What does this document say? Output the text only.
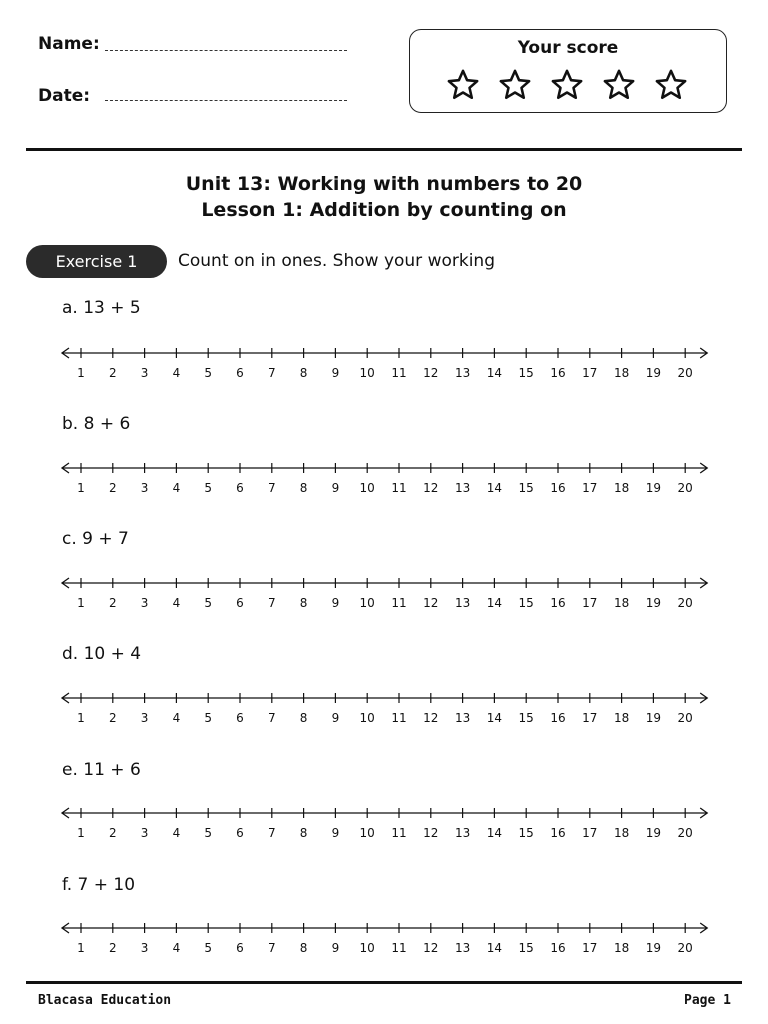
Name:
Date:
Your score
Unit 13: Working with numbers to 20
Lesson 1: Addition by counting on
Exercise 1	Count on in ones. Show your working
a. 13 + 5
1 2 3 4 5 6 7 8 9 10 11 12 13 14 15 16 17 18 19 20
b. 8 + 6
1 2 3 4 5 6 7 8 9 10 11 12 13 14 15 16 17 18 19 20
c. 9 + 7
1 2 3 4 5 6 7 8 9 10 11 12 13 14 15 16 17 18 19 20
d. 10 + 4
1 2 3 4 5 6 7 8 9 10 11 12 13 14 15 16 17 18 19 20
e. 11 + 6
1 2 3 4 5 6 7 8 9 10 11 12 13 14 15 16 17 18 19 20
f. 7 + 10
1 2 3 4 5 6 7 8 9 10 11 12 13 14 15 16 17 18 19 20
Blacasa Education	Page 1
